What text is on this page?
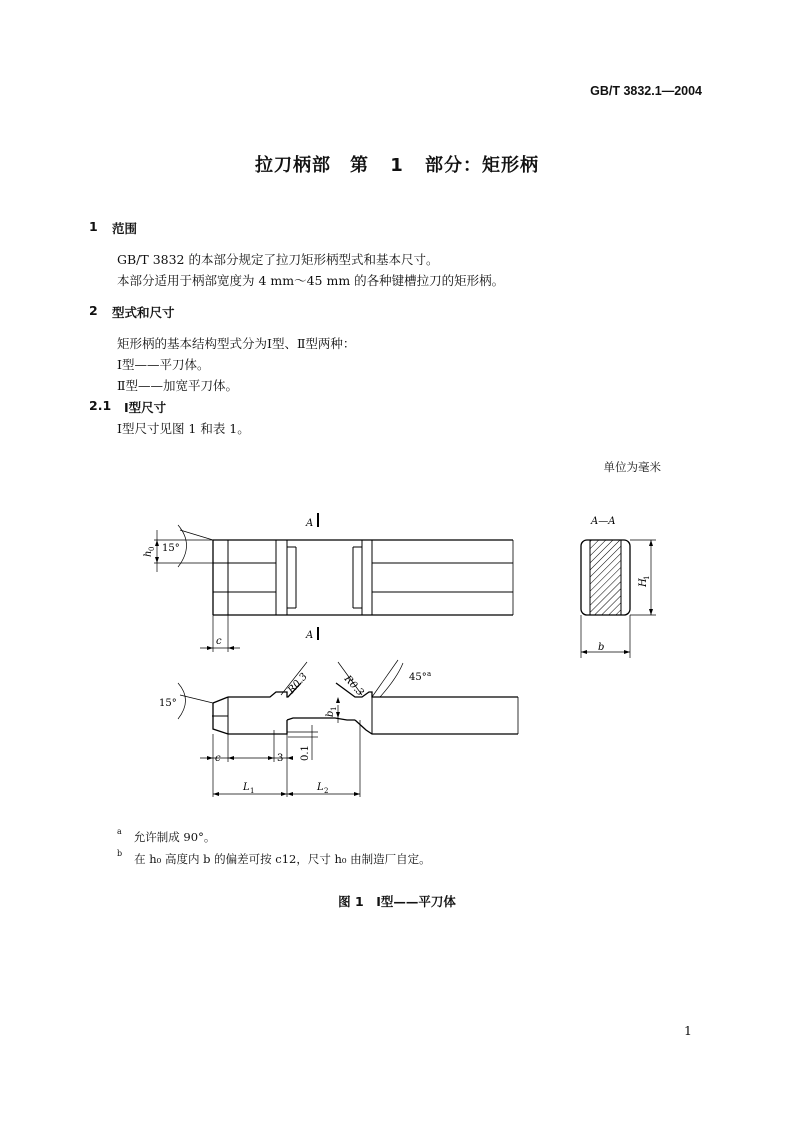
GB/T 3832.1—2004
拉刀柄部　第 1 部分：矩形柄
1 范围
GB/T 3832 的本部分规定了拉刀矩形柄型式和基本尺寸。
本部分适用于柄部宽度为 4 mm～45 mm 的各种键槽拉刀的矩形柄。
2 型式和尺寸
矩形柄的基本结构型式分为Ⅰ型、Ⅱ型两种：
Ⅰ型——平刀体。
Ⅱ型——加宽平刀体。
2.1 Ⅰ型尺寸
Ⅰ型尺寸见图 1 和表 1。
单位为毫米
A
A
A—A
15°
15°
45° a
R0.3	R0.3
h
0
c
c
b
H
1
b
1
3 0.1
L 1	L 2
$^a$ 允许制成 90°。
$^b$ 在 h₀ 高度内 b 的偏差可按 c12，尺寸 h₀ 由制造厂自定。
图 1　Ⅰ型——平刀体
1
